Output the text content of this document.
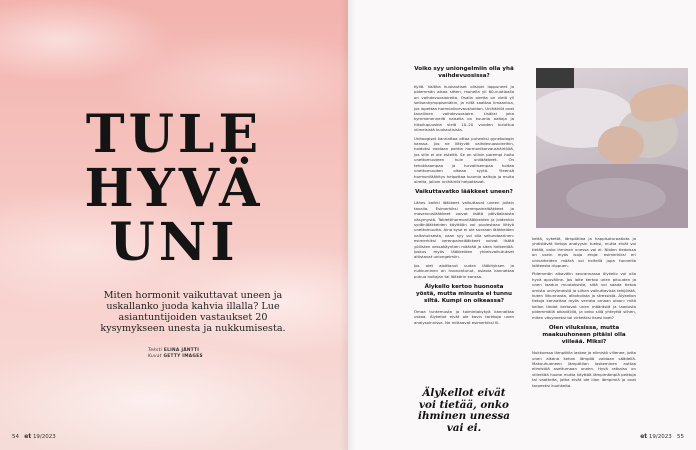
TULE
HYVÄ
UNI
Miten hormonit vaikuttavat uneen ja uskallanko juoda kahvia illalla? Lue asiantuntijoiden vastaukset 20 kysymykseen unesta ja nukkumisesta.
Teksti ELINA JÄNTTI
Kuvat GETTY IMAGES
54 et 19/2023
Voiko syy uniongelmiin olla yhä vaihdevuosissa?

Kyllä. Valtika kuukautiset olisivat loppuneet jo pidemmän aikaa sitten, monella yli 60-vuotiaalla on vaihdevuosioireita. Osalla oireita on vielä yli seitsenkymppisenäkin, ja niitä saattaa ilmaantua, jos lopettaa hormonikorvaushoidon. Unihäiriöt ovat tavallinen vaihdevuosioire. Lisäksi joka kymmenennellä naisella on kuumia aaltoja ja hikoilupuuskia vielä 10–20 vuoden kuluttua viimeisistä kuukautisista.

Unitoogiset kannattaa ottaa puheeksi gynekologin kanssa. Jos ne liittyvät vaihdevuosioireihin, hoidoksi voidaan pohtia hormonikorvaushäiriöitä, jos sille ei ole esteitä. Se on silloin parempi hoito unettomuuteen kuin unilääkkeet. On tehokkaampaa ja turvallisempaa hoitaa unettomuuden oikeaa syytä. Yleensä hormonilääkitys helpottaa kuumia aaltoja ja muita oireita, jolloin unihäiriöt helpottavat.

Vaikuttavatko lääkkeet uneen?

Lähes kaikki lääkkeet vaikuttavat uneen jollain tavalla. Esimerkiksi verenpainelääkkeet ja masennuslääkkeet voivat lisätä päiväaikaista väsymystä. Tablettihormonilääkkeiden ja joidenkin sydänlääkkeiden käyttöön voi puolestaan liittyä unettomuutta. Aina kyse ei ole suoraan lääkkeiden vaikutuksesta, vaan syy voi olla sekundaarinen: esimerkiksi verenpainelääkkeet voivat lisätä yöllisten vessakäyntien määrää ja siten heikentää. Joskus myös lääkkeiden yhteisvaikutukset altistavat uniongelmiin.

Jos olet aloittanut uuden lääkityksen ja nukkuminen on huonontunut, asiasta kannattaa puhua hoitajan tai lääkärin kanssa.

Älykello kertoo huonosta yöstä, mutta minusta ei tunnu siltä. Kumpi on oikeassa?

Omaa tuntemusta ja toimintakykyä kannattaa uskoa. Älykellot eivät ole kovin tarkkoja unen analysoinnissa. Ne mittaavat esimerkiksi lii-

kettä, sykettä, lämpötilaa ja happisaturaatiota ja yhdistävät tietoja analyysin tueksi, mutta eivät voi tietää, onko ihminen unessa vai ei. Niiden tiedoissa on usein myös isoja eroja: esimerkiksi eri univaiheiden määrä voi heitellä jopa tunneilla laitteesta riippuen.

Pidemmän aikavälin seurannassa älykello voi olla hyvä apuväline. Jos laite kertoo unen pituuden ja unen laadun muutoksista, siitä voi saada tietoa omista unirytmeistä ja siihen vaikuttavista tekijöistä, kuten liikunnasta, alkoholista ja stressistä. Älykellon tietoja kannattaa myös verrata omaan oloon: mitä kellon tiedot kertovat unen määrästä ja laadusta pidemmällä aikavälillä, ja onko sillä yhteyttä siihen, miten väsyneeksi tai virkeäksi itsesi koet?

Olen viluksissa, mutta maakuuhoneen pitäisi olla viileää. Miksi?

Nukkuessa lämpötila laskee ja elimistö viilenee, jotta unen aikana kehon lämpöä voidaan säädellä. Makuuhuoneen lämpötilan laskeminen auttaa elimistöä asettumaan uneen. Hyvä ratkaisu on viilentää huone mutta käyttää lämpimämpiä peittoja tai vaatteita, jotka eivät ole liian lämpimiä ja ovat tarpeeksi kuohkeita.

Älykellot eivät voi tietää, onko ihminen unessa vai ei.
et 19/2023 55
